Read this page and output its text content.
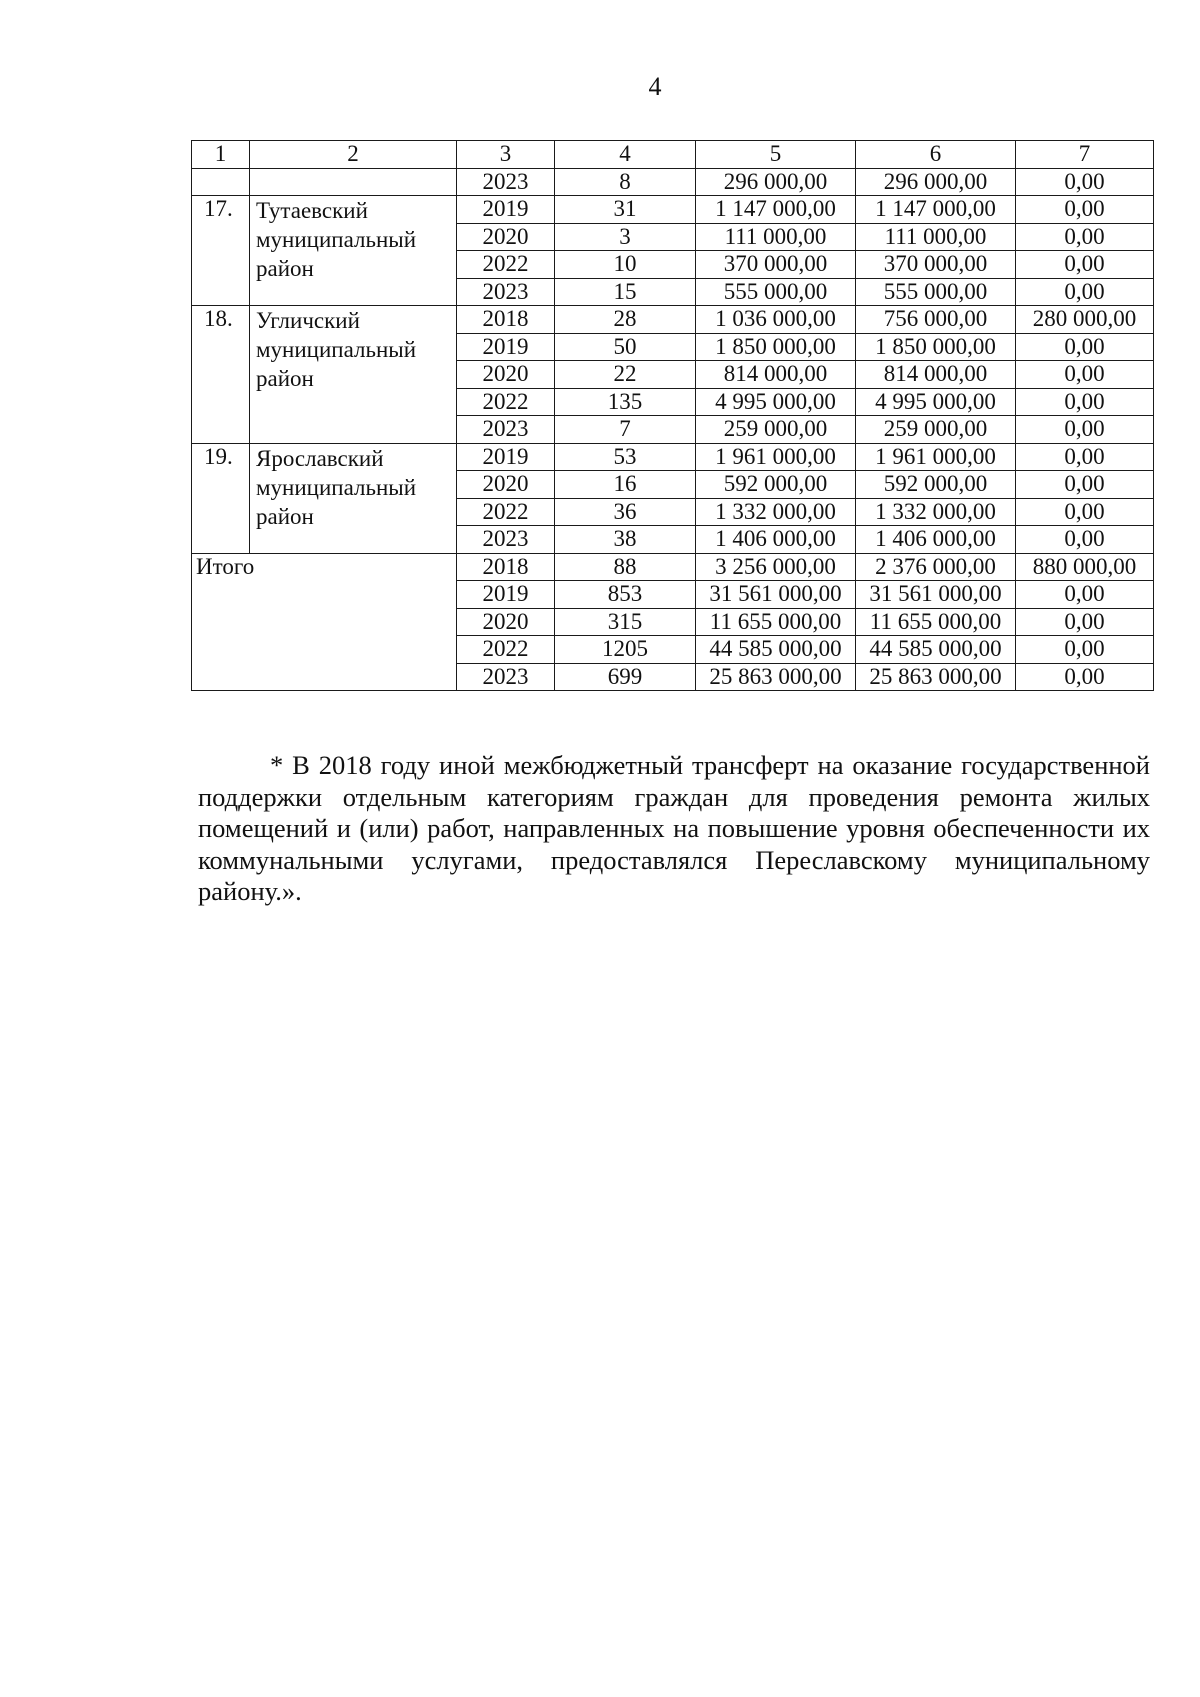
4
1	2	3	4	5	6	7
		2023	8	296 000,00	296 000,00	0,00
17.	Тутаевский муниципальный район	2019	31	1 147 000,00	1 147 000,00	0,00
		2020	3	111 000,00	111 000,00	0,00
		2022	10	370 000,00	370 000,00	0,00
		2023	15	555 000,00	555 000,00	0,00
18.	Угличский муниципальный район	2018	28	1 036 000,00	756 000,00	280 000,00
		2019	50	1 850 000,00	1 850 000,00	0,00
		2020	22	814 000,00	814 000,00	0,00
		2022	135	4 995 000,00	4 995 000,00	0,00
		2023	7	259 000,00	259 000,00	0,00
19.	Ярославский муниципальный район	2019	53	1 961 000,00	1 961 000,00	0,00
		2020	16	592 000,00	592 000,00	0,00
		2022	36	1 332 000,00	1 332 000,00	0,00
		2023	38	1 406 000,00	1 406 000,00	0,00
Итого		2018	88	3 256 000,00	2 376 000,00	880 000,00
		2019	853	31 561 000,00	31 561 000,00	0,00
		2020	315	11 655 000,00	11 655 000,00	0,00
		2022	1205	44 585 000,00	44 585 000,00	0,00
		2023	699	25 863 000,00	25 863 000,00	0,00
* В 2018 году иной межбюджетный трансферт на оказание государственной поддержки отдельным категориям граждан для проведения ремонта жилых помещений и (или) работ, направленных на повышение уровня обеспеченности их коммунальными услугами, предоставлялся Переславскому муниципальному району.».
